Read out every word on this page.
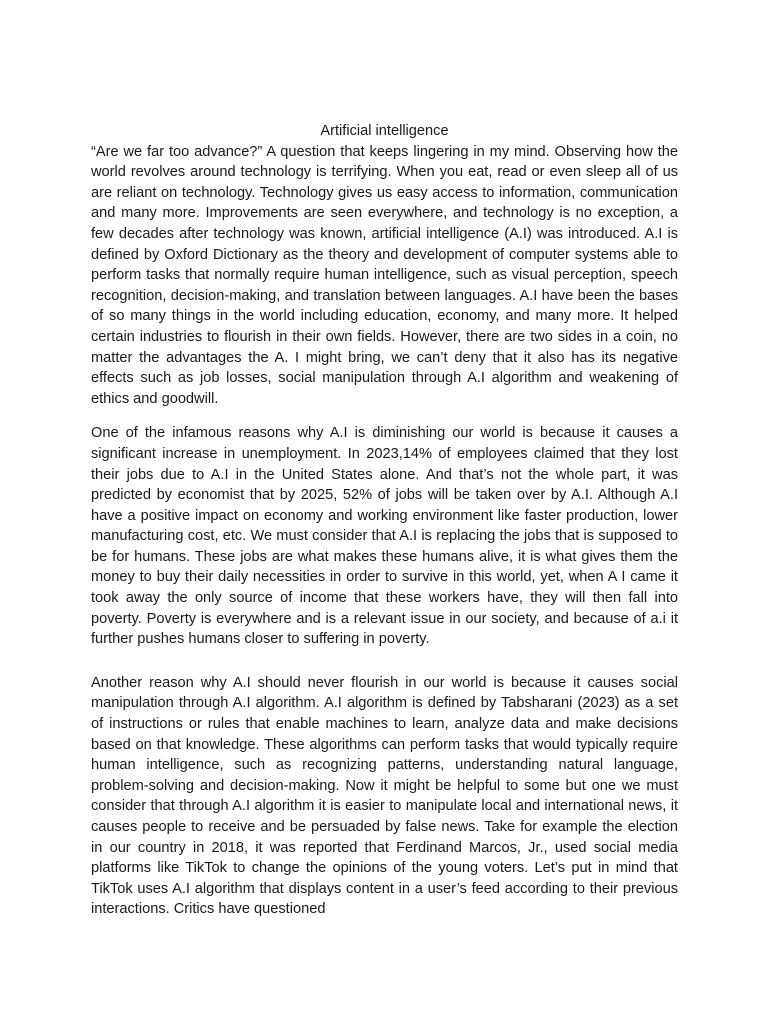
Artificial intelligence

“Are we far too advance?” A question that keeps lingering in my mind. Observing how the world revolves around technology is terrifying. When you eat, read or even sleep all of us are reliant on technology. Technology gives us easy access to information, communication and many more. Improvements are seen everywhere, and technology is no exception, a few decades after technology was known, artificial intelligence (A.I) was introduced. A.I is defined by Oxford Dictionary as the theory and development of computer systems able to perform tasks that normally require human intelligence, such as visual perception, speech recognition, decision-making, and translation between languages. A.I have been the bases of so many things in the world including education, economy, and many more. It helped certain industries to flourish in their own fields. However, there are two sides in a coin, no matter the advantages the A. I might bring, we can’t deny that it also has its negative effects such as job losses, social manipulation through A.I algorithm and weakening of ethics and goodwill.

One of the infamous reasons why A.I is diminishing our world is because it causes a significant increase in unemployment. In 2023,14% of employees claimed that they lost their jobs due to A.I in the United States alone. And that’s not the whole part, it was predicted by economist that by 2025, 52% of jobs will be taken over by A.I. Although A.I have a positive impact on economy and working environment like faster production, lower manufacturing cost, etc. We must consider that A.I is replacing the jobs that is supposed to be for humans. These jobs are what makes these humans alive, it is what gives them the money to buy their daily necessities in order to survive in this world, yet, when A I came it took away the only source of income that these workers have, they will then fall into poverty. Poverty is everywhere and is a relevant issue in our society, and because of a.i it further pushes humans closer to suffering in poverty.

Another reason why A.I should never flourish in our world is because it causes social manipulation through A.I algorithm. A.I algorithm is defined by Tabsharani (2023) as a set of instructions or rules that enable machines to learn, analyze data and make decisions based on that knowledge. These algorithms can perform tasks that would typically require human intelligence, such as recognizing patterns, understanding natural language, problem-solving and decision-making. Now it might be helpful to some but one we must consider that through A.I algorithm it is easier to manipulate local and international news, it causes people to receive and be persuaded by false news. Take for example the election in our country in 2018, it was reported that Ferdinand Marcos, Jr., used social media platforms like TikTok to change the opinions of the young voters. Let’s put in mind that TikTok uses A.I algorithm that displays content in a user’s feed according to their previous interactions. Critics have questioned
